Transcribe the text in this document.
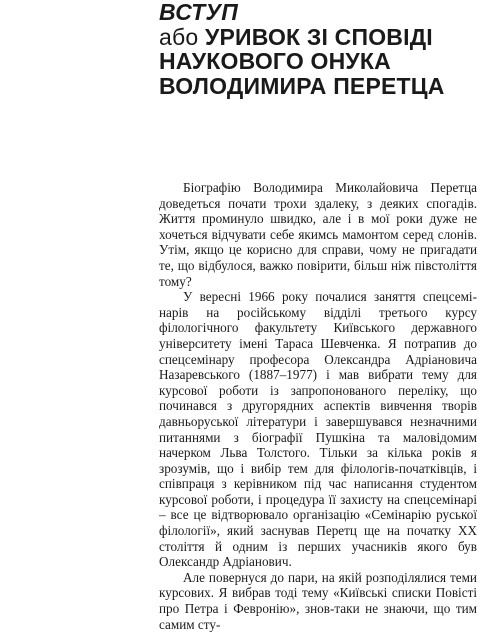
ВСТУП
або УРИВОК ЗІ СПОВІДІ
НАУКОВОГО ОНУКА
ВОЛОДИМИРА ПЕРЕТЦА

Біографію Володимира Миколайовича Перетца доведеться почати трохи здалеку, з деяких спогадів. Життя проминуло швидко, але і в мої роки дуже не хочеться відчувати себе якимсь мамонтом серед слонів. Утім, якщо це корисно для справи, чому не пригадати те, що відбулося, важко повірити, більш ніж півстоліття тому?

У вересні 1966 року почалися заняття спецсемінарів на російському відділі третього курсу філологічного факультету Київського державного університету імені Тараса Шевченка. Я потрапив до спецсемінару професора Олександра Адріановича Назаревського (1887–1977) і мав вибрати тему для курсової роботи із запропонованого переліку, що починався з другорядних аспектів вивчення творів давньоруської літератури і завершувався незначними питаннями з біографії Пушкіна та маловідомим начерком Льва Толстого. Тільки за кілька років я зрозумів, що і вибір тем для філологів-початківців, і співпраця з керівником під час написання студентом курсової роботи, і процедура її захисту на спецсемінарі – все це відтворювало організацію «Семінарію руської філології», який заснував Перетц ще на початку ХХ століття й одним із перших учасників якого був Олександр Адріанович.

Але повернуся до пари, на якій розподілялися теми курсових. Я вибрав тоді тему «Київські списки Повісті про Петра і Февронію», знов-таки не знаючи, що тим самим сту-
